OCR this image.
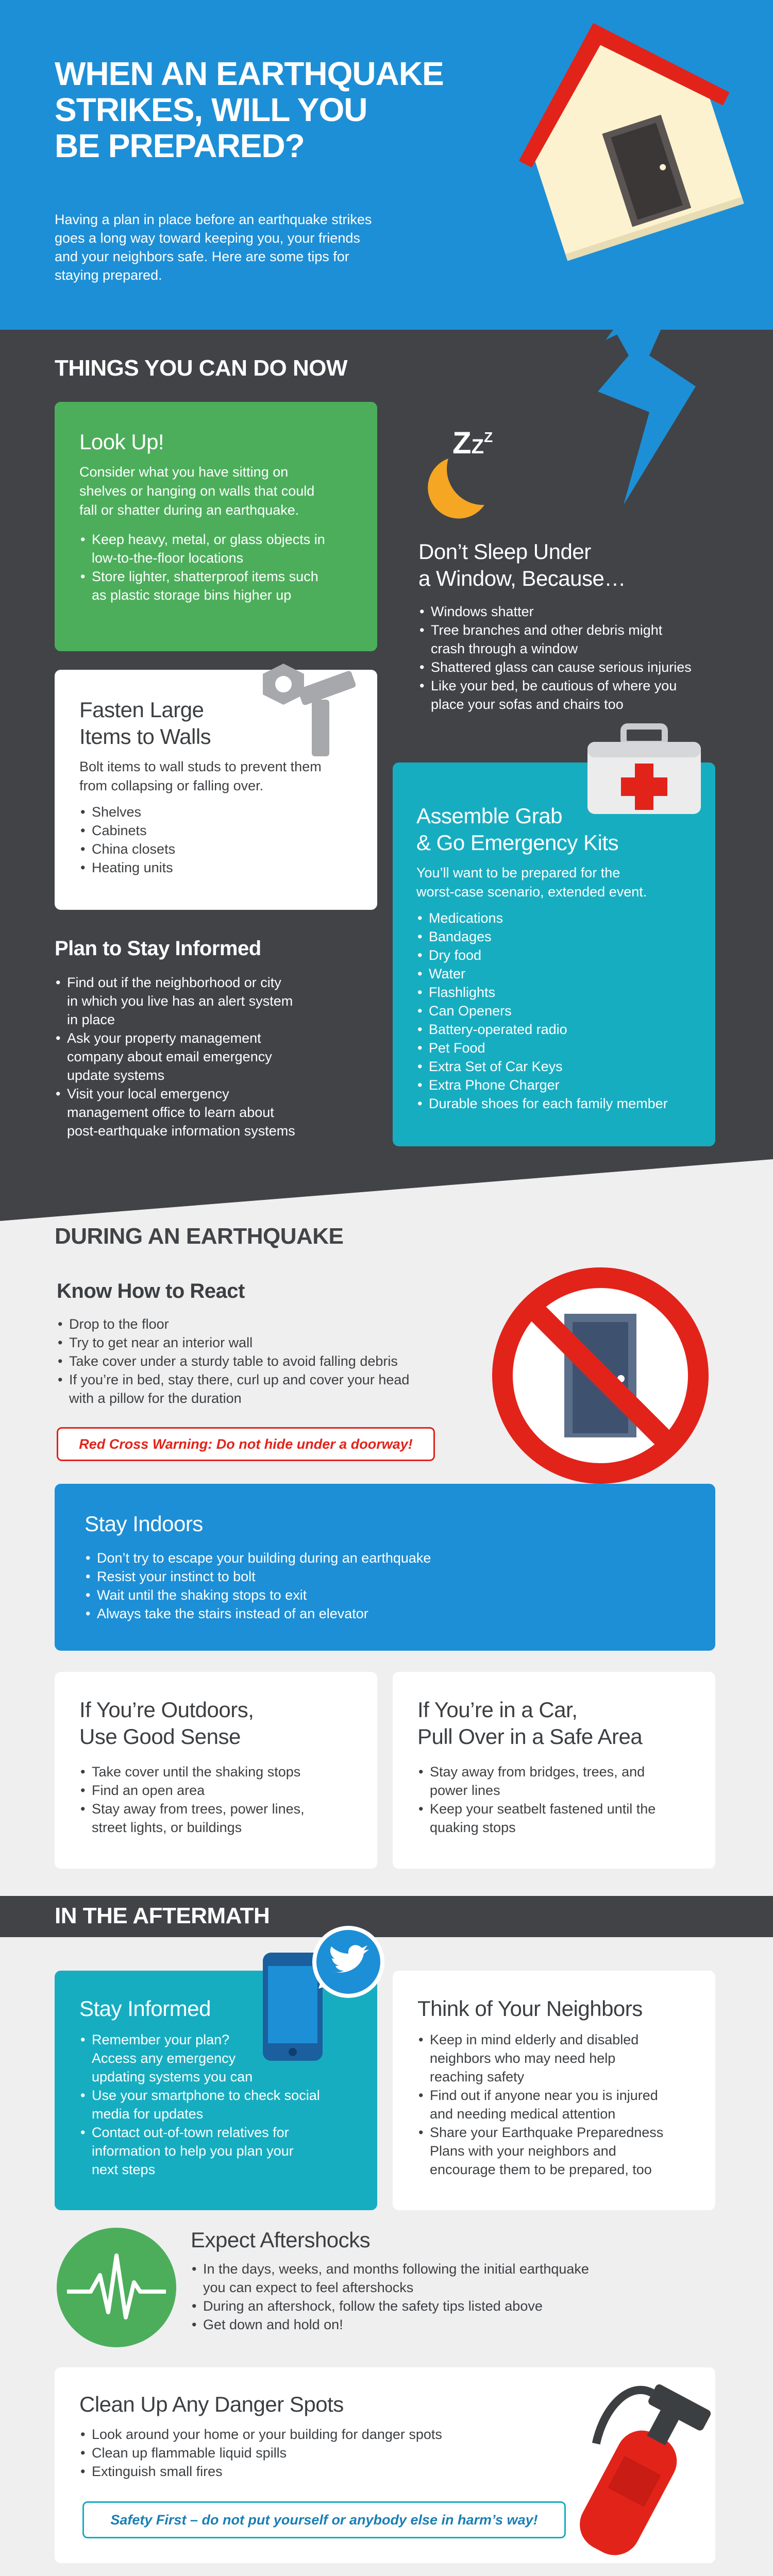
WHEN AN EARTHQUAKE
STRIKES, WILL YOU
BE PREPARED?
Having a plan in place before an earthquake strikes
goes a long way toward keeping you, your friends
and your neighbors safe. Here are some tips for
staying prepared.
THINGS YOU CAN DO NOW
Look Up!
Consider what you have sitting on
shelves or hanging on walls that could
fall or shatter during an earthquake.
• Keep heavy, metal, or glass objects in
low-to-the-floor locations
• Store lighter, shatterproof items such
as plastic storage bins higher up
$ZZ^Z$
Don’t Sleep Under
a Window, Because…
• Windows shatter
• Tree branches and other debris might
crash through a window
• Shattered glass can cause serious injuries
• Like your bed, be cautious of where you
place your sofas and chairs too
Fasten Large
Items to Walls
Bolt items to wall studs to prevent them
from collapsing or falling over.
• Shelves
• Cabinets
• China closets
• Heating units
Assemble Grab
& Go Emergency Kits
You’ll want to be prepared for the
worst-case scenario, extended event.
• Medications
• Bandages
• Dry food
• Water
• Flashlights
• Can Openers
• Battery-operated radio
• Pet Food
• Extra Set of Car Keys
• Extra Phone Charger
• Durable shoes for each family member
Plan to Stay Informed
• Find out if the neighborhood or city
in which you live has an alert system
in place
• Ask your property management
company about email emergency
update systems
• Visit your local emergency
management office to learn about
post-earthquake information systems
DURING AN EARTHQUAKE
Know How to React
• Drop to the floor
• Try to get near an interior wall
• Take cover under a sturdy table to avoid falling debris
• If you’re in bed, stay there, curl up and cover your head
with a pillow for the duration
Red Cross Warning: Do not hide under a doorway!
Stay Indoors
• Don’t try to escape your building during an earthquake
• Resist your instinct to bolt
• Wait until the shaking stops to exit
• Always take the stairs instead of an elevator
If You’re Outdoors,
Use Good Sense
• Take cover until the shaking stops
• Find an open area
• Stay away from trees, power lines,
street lights, or buildings
If You’re in a Car,
Pull Over in a Safe Area
• Stay away from bridges, trees, and
power lines
• Keep your seatbelt fastened until the
quaking stops
IN THE AFTERMATH
Stay Informed
• Remember your plan?
Access any emergency
updating systems you can
• Use your smartphone to check social
media for updates
• Contact out-of-town relatives for
information to help you plan your
next steps
Think of Your Neighbors
• Keep in mind elderly and disabled
neighbors who may need help
reaching safety
• Find out if anyone near you is injured
and needing medical attention
• Share your Earthquake Preparedness
Plans with your neighbors and
encourage them to be prepared, too
Expect Aftershocks
• In the days, weeks, and months following the initial earthquake
you can expect to feel aftershocks
• During an aftershock, follow the safety tips listed above
• Get down and hold on!
Clean Up Any Danger Spots
• Look around your home or your building for danger spots
• Clean up flammable liquid spills
• Extinguish small fires
Safety First – do not put yourself or anybody else in harm’s way!
